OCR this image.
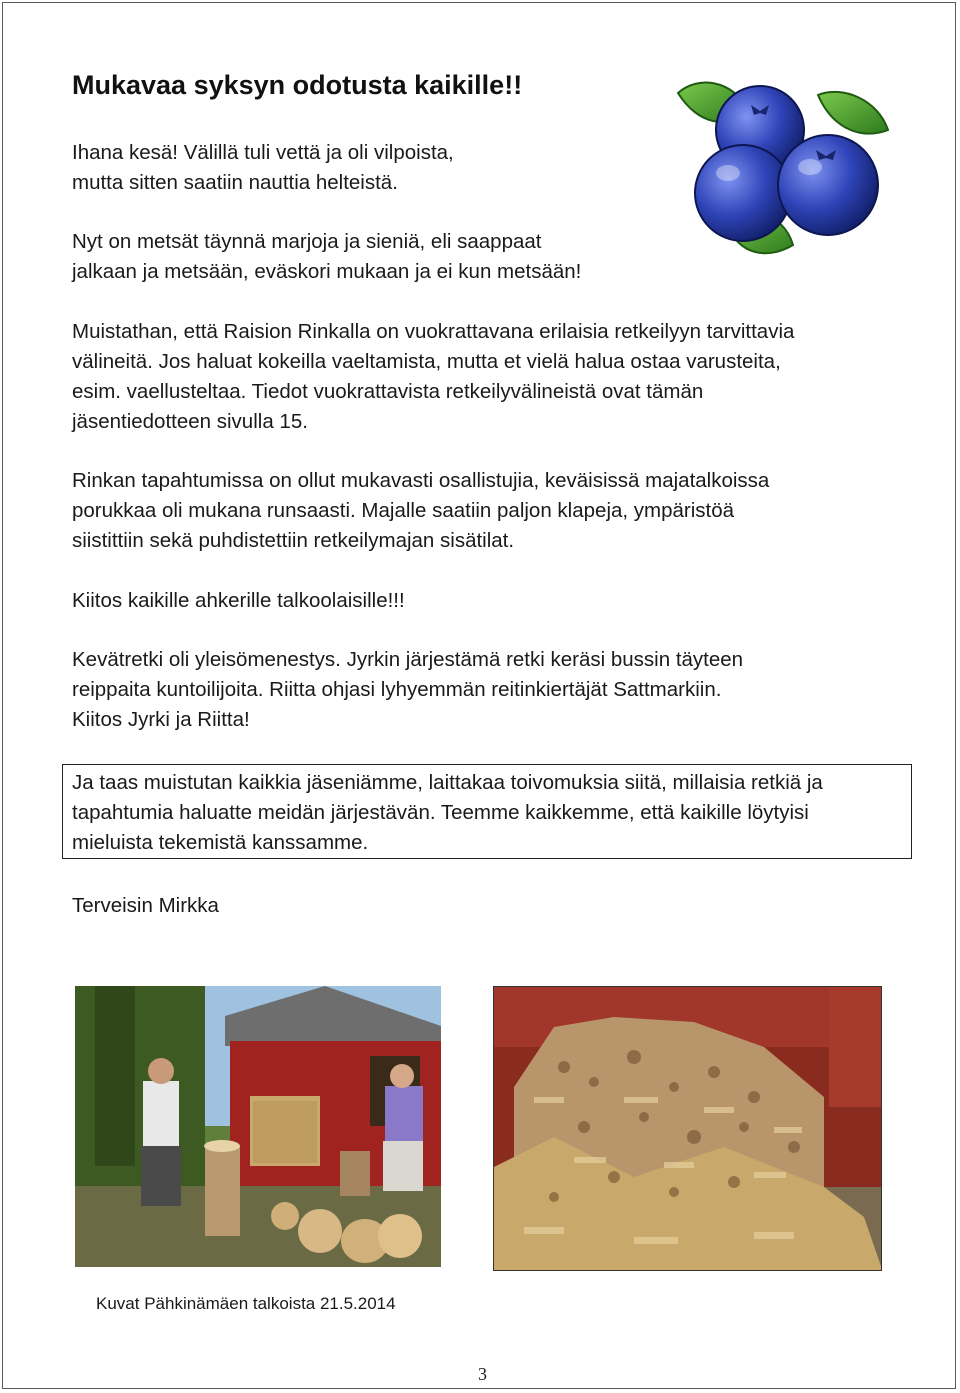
Mukavaa syksyn odotusta kaikille!!

Ihana kesä! Välillä tuli vettä ja oli vilpoista,
mutta sitten saatiin nauttia helteistä.

Nyt on metsät täynnä marjoja ja sieniä, eli saappaat
jalkaan ja metsään, eväskori mukaan ja ei kun metsään!

Muistathan, että Raision Rinkalla on vuokrattavana erilaisia retkeilyyn tarvittavia
välineitä. Jos haluat kokeilla vaeltamista, mutta et vielä halua ostaa varusteita,
esim. vaellusteltaa. Tiedot vuokrattavista retkeilyvälineistä ovat tämän
jäsentiedotteen sivulla 15.

Rinkan tapahtumissa on ollut mukavasti osallistujia, keväisissä majatalkoissa
porukkaa oli mukana runsaasti. Majalle saatiin paljon klapeja, ympäristöä
siistittiin sekä puhdistettiin retkeilymajan sisätilat.

Kiitos kaikille ahkerille talkoolaisille!!!

Kevätretki oli yleisömenestys. Jyrkin järjestämä retki keräsi bussin täyteen
reippaita kuntoilijoita. Riitta ohjasi lyhyemmän reitinkiertäjät Sattmarkiin.
Kiitos Jyrki ja Riitta!

Ja taas muistutan kaikkia jäseniämme, laittakaa toivomuksia siitä, millaisia retkiä ja
tapahtumia haluatte meidän järjestävän. Teemme kaikkemme, että kaikille löytyisi
mieluista tekemistä kanssamme.

Terveisin Mirkka

Kuvat Pähkinämäen talkoista 21.5.2014

3
